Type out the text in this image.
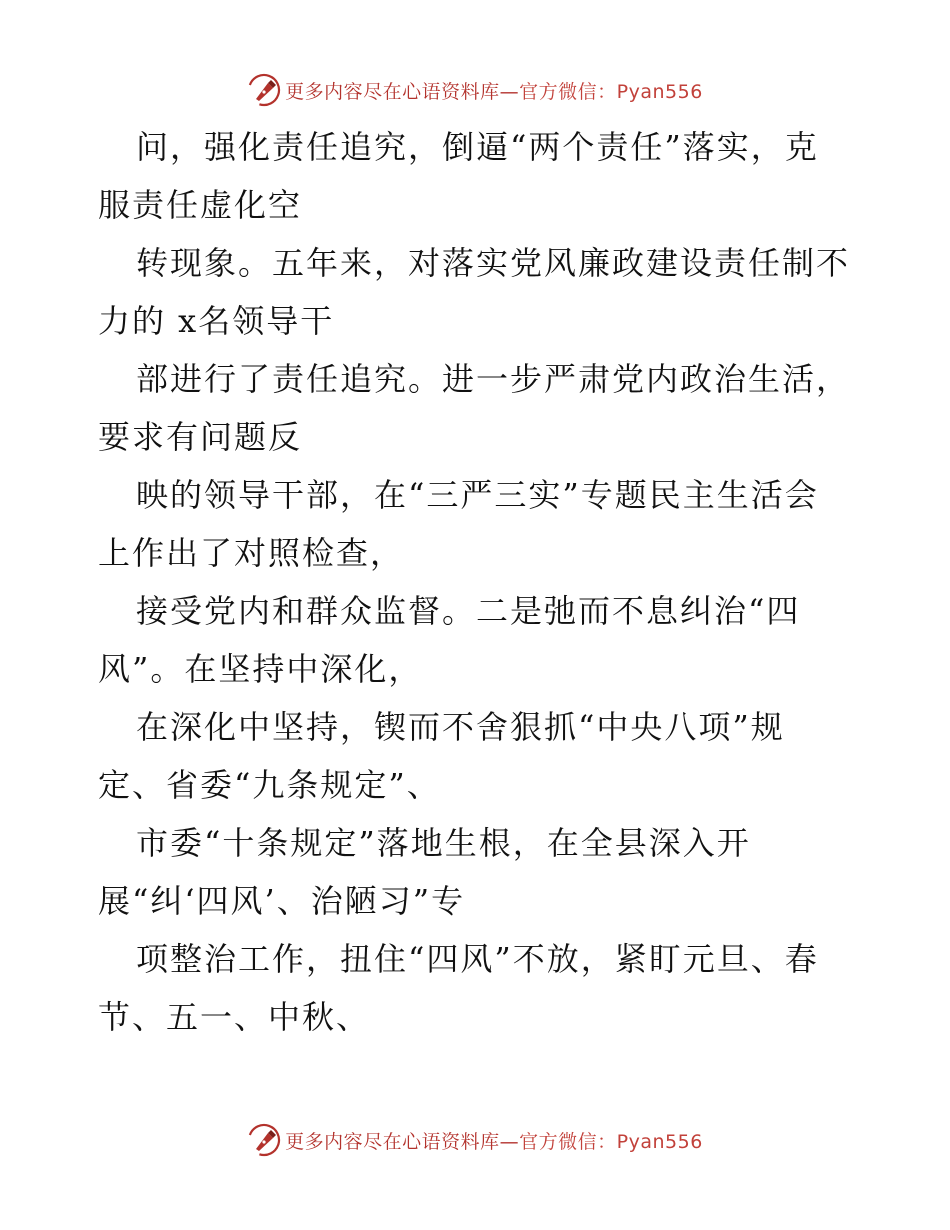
更多内容尽在心语资料库—官方微信：Pyan556

问，强化责任追究，倒逼“两个责任”落实，克
服责任虚化空

转现象。五年来，对落实党风廉政建设责任制不
力的 x名领导干

部进行了责任追究。进一步严肃党内政治生活，
要求有问题反

映的领导干部，在“三严三实”专题民主生活会
上作出了对照检查，

接受党内和群众监督。二是弛而不息纠治“四
风”。在坚持中深化，

在深化中坚持，锲而不舍狠抓“中央八项”规
定、省委“九条规定”、

市委“十条规定”落地生根，在全县深入开
展“纠‘四风’、治陋习”专

项整治工作，扭住“四风”不放，紧盯元旦、春
节、五一、中秋、

更多内容尽在心语资料库—官方微信：Pyan556
